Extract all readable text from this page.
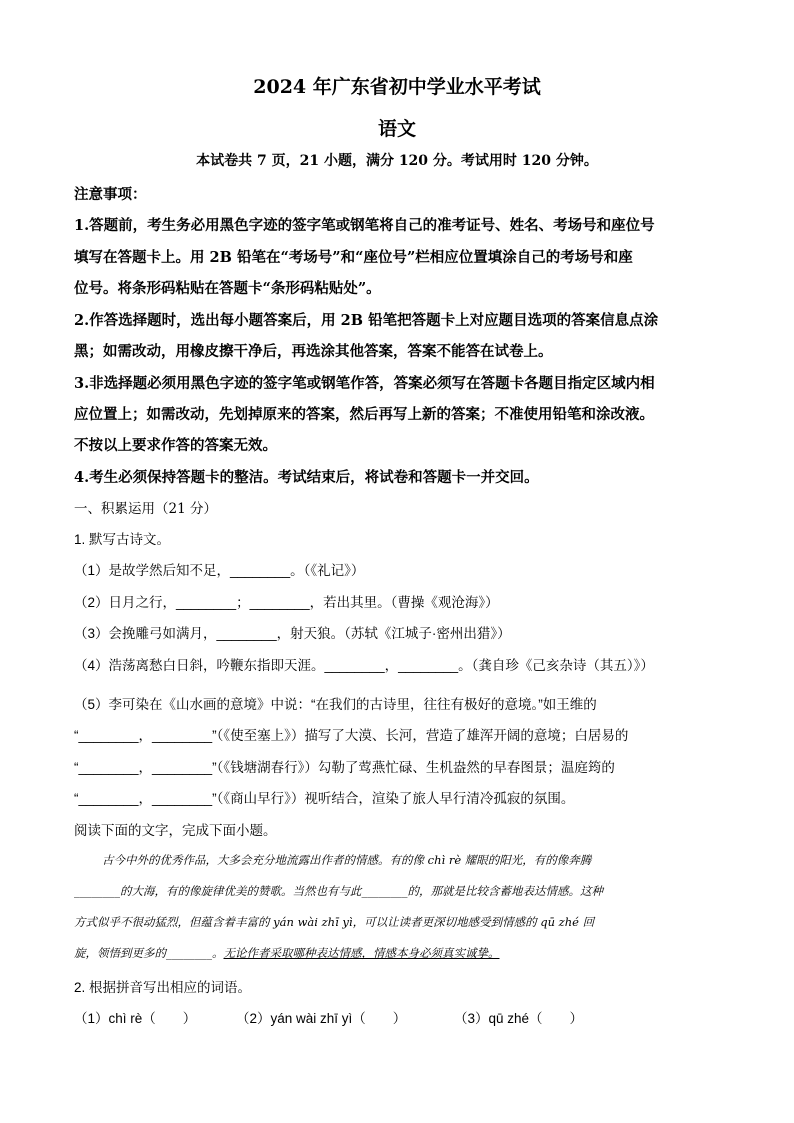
2024 年广东省初中学业水平考试
语文
本试卷共 7 页，21 小题，满分 120 分。考试用时 120 分钟。
注意事项：
1.答题前，考生务必用黑色字迹的签字笔或钢笔将自己的准考证号、姓名、考场号和座位号
填写在答题卡上。用 2B 铅笔在“考场号”和“座位号”栏相应位置填涂自己的考场号和座
位号。将条形码粘贴在答题卡“条形码粘贴处”。
2.作答选择题时，选出每小题答案后，用 2B 铅笔把答题卡上对应题目选项的答案信息点涂
黑；如需改动，用橡皮擦干净后，再选涂其他答案，答案不能答在试卷上。
3.非选择题必须用黑色字迹的签字笔或钢笔作答，答案必须写在答题卡各题目指定区域内相
应位置上；如需改动，先划掉原来的答案，然后再写上新的答案；不准使用铅笔和涂改液。
不按以上要求作答的答案无效。
4.考生必须保持答题卡的整洁。考试结束后，将试卷和答题卡一并交回。
一、积累运用（21 分）
1. 默写古诗文。
（1）是故学然后知不足，________。（《礼记》）
（2）日月之行，________；________，若出其里。（曹操《观沧海》）
（3）会挽雕弓如满月，________，射天狼。（苏轼《江城子·密州出猎》）
（4）浩荡离愁白日斜，吟鞭东指即天涯。________，________。（龚自珍《己亥杂诗（其五）》）
（5）李可染在《山水画的意境》中说：“在我们的古诗里，往往有极好的意境。”如王维的
“________，________”（《使至塞上》）描写了大漠、长河，营造了雄浑开阔的意境；白居易的
“________，________”（《钱塘湖春行》）勾勒了莺燕忙碌、生机盎然的早春图景；温庭筠的
“________，________”（《商山早行》）视听结合，渲染了旅人早行清冷孤寂的氛围。
阅读下面的文字，完成下面小题。
古今中外的优秀作品，大多会充分地流露出作者的情感。有的像 chì rè 耀眼的阳光，有的像奔腾
________的大海，有的像旋律优美的赞歌。当然也有与此________的，那就是比较含蓄地表达情感。这种
方式似乎不很动猛烈，但蕴含着丰富的 yán wài zhī yì，可以让读者更深切地感受到情感的 qū zhé 回
旋，领悟到更多的________。无论作者采取哪种表达情感，情感本身必须真实诚挚。
2. 根据拼音写出相应的词语。
（1）chì rè（　　）	（2）yán wài zhī yì（　　）	（3）qū zhé（　　）
